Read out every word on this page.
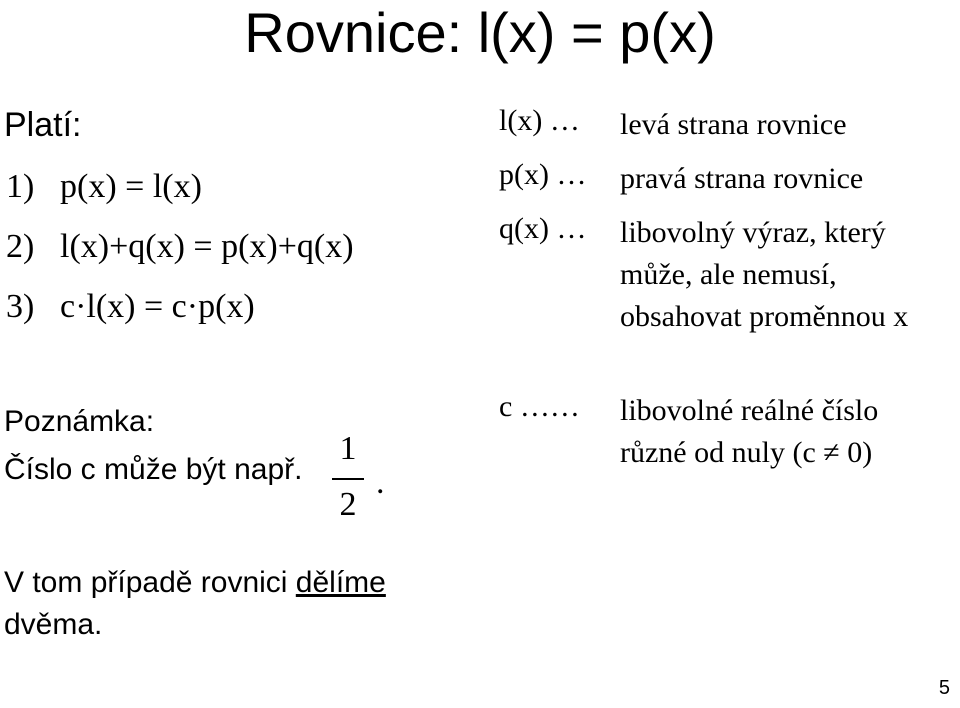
Rovnice: l(x) = p(x)
Platí:
1) p(x) = l(x)
2) l(x)+q(x) = p(x)+q(x)
3) c·l(x) = c·p(x)
Poznámka:
Číslo c může být např.
1
2
.
V tom případě rovnici dělíme
dvěma.
l(x) … levá strana rovnice
p(x) … pravá strana rovnice
q(x) … libovolný výraz, který může, ale nemusí, obsahovat proměnnou x
c …… libovolné reálné číslo různé od nuly (c ≠ 0)
5
